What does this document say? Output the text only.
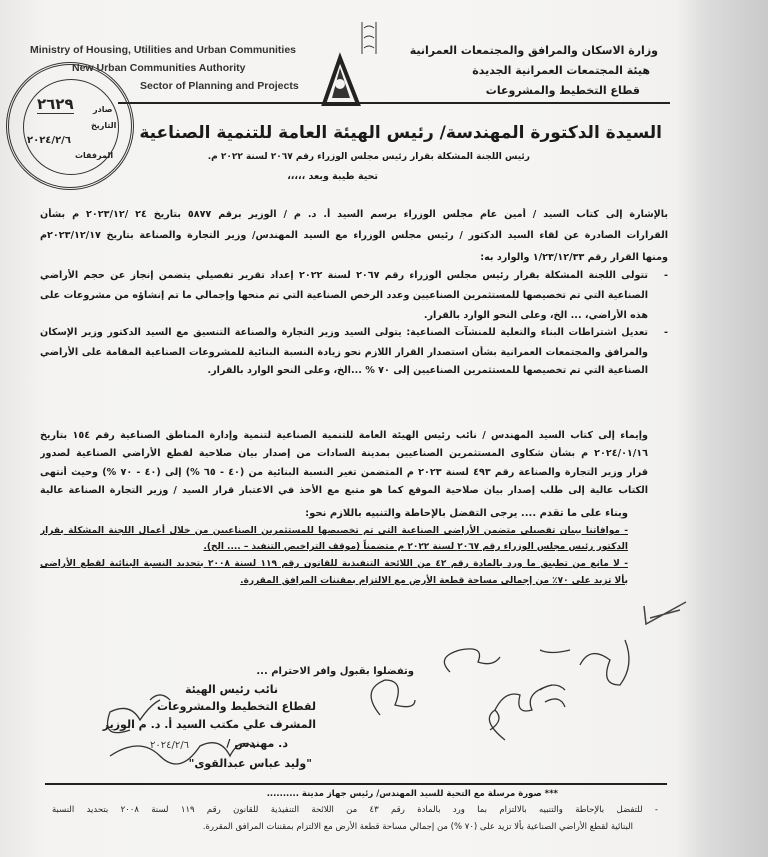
Ministry of Housing, Utilities and Urban Communities
New Urban Communities Authority
Sector of Planning and Projects
وزارة الاسكان والمرافق والمجتمعات العمرانية
هيئة المجتمعات العمرانية الجديدة
قطاع التخطيط والمشروعات
٢٦٢٩ صادر
التاريخ
٢٠٢٤/٢/٦
المرفقات
السيدة الدكتورة المهندسة/ رئيس الهيئة العامة للتنمية الصناعية
رئيس اللجنة المشكلة بقرار رئيس مجلس الوزراء رقم ٢٠٦٧ لسنة ٢٠٢٢ م.
تحية طيبة وبعد ،،،،،
بالإشارة إلى كتاب السيد / أمين عام مجلس الوزراء برسم السيد أ. د. م / الوزير برقم ٥٨٧٧ بتاريخ ٢٤ /٢٠٢٣/١٢ م بشأن
القرارات الصادرة عن لقاء السيد الدكتور / رئيس مجلس الوزراء مع السيد المهندس/ وزير التجارة والصناعة بتاريخ ٢٠٢٣/١٢/١٧م
ومنها القرار رقم ١/٢٣/١٢/٣٣ والوارد به:
-
تتولى اللجنة المشكلة بقرار رئيس مجلس الوزراء رقم ٢٠٦٧ لسنة ٢٠٢٢ إعداد تقرير تفصيلي يتضمن إنجاز عن حجم الأراضي
الصناعية التي تم تخصيصها للمستثمرين الصناعيين وعدد الرخص الصناعية التي تم منحها وإجمالي ما تم إنشاؤه من مشروعات على
هذه الأراضي، ... الخ، وعلى النحو الوارد بالقرار.
-
تعديل اشتراطات البناء والتعلية للمنشآت الصناعية: يتولى السيد وزير التجارة والصناعة التنسيق مع السيد الدكتور وزير الإسكان
والمرافق والمجتمعات العمرانية بشأن استصدار القرار اللازم نحو زيادة النسبة البنائية للمشروعات الصناعية المقامة على الأراضي
الصناعية التي تم تخصيصها للمستثمرين الصناعيين إلى ٧٠ % ...الخ، وعلى النحو الوارد بالقرار.
وإيماء إلى كتاب السيد المهندس / نائب رئيس الهيئة العامة للتنمية الصناعية لتنمية وإدارة المناطق الصناعية رقم ١٥٤ بتاريخ
٢٠٢٤/٠١/١٦ م بشأن شكاوى المستثمرين الصناعيين بمدينة السادات من إصدار بيان صلاحية لقطع الأراضي الصناعية لصدور
قرار وزير التجارة والصناعة رقم ٤٩٣ لسنة ٢٠٢٣ م المتضمن تغير النسبة البنائية من (٤٠ - ٦٥ %) إلى (٤٠ - ٧٠ %) وحيث أنتهى
الكتاب عالية إلى طلب إصدار بيان صلاحية الموقع كما هو متبع مع الأخذ في الاعتبار قرار السيد / وزير التجارة الصناعة عالية
وبناء على ما تقدم .... يرجى التفضل بالإحاطة والتنبيه باللازم نحو:
- موافاتنا ببيان تفصيلي متضمن الأراضي الصناعية التي تم تخصيصها للمستثمرين الصناعيين من خلال أعمال اللجنة المشكلة بقرار
الدكتور رئيس مجلس الوزراء رقم ٢٠٦٧ لسنة ٢٠٢٢ م متضمناً (موقف التراخيص التنفيذ – .... الخ).
- لا مانع من تطبيق ما ورد بالمادة رقم ٤٢ من اللائحة التنفيذية للقانون رقم ١١٩ لسنة ٢٠٠٨ بتحديد النسبة البنائية لقطع الأراضي
بألا تزيد على ٧٠٪ من إجمالي مساحة قطعة الأرض مع الالتزام بمقننات المرافق المقررة.
وتفضلوا بقبول وافر الاحترام ...
نائب رئيس الهيئة
لقطاع التخطيط والمشروعات
المشرف علي مكتب السيد أ. د. م الوزير
د. مهندس /
"وليد عباس عبدالقوى"
٢٠٢٤/٢/٦
*** صورة مرسلة مع التحية للسيد المهندس/ رئيس جهاز مدينة ..........
- للتفضل بالإحاطة والتنبيه بالالتزام بما ورد بالمادة رقم ٤٣ من اللائحة التنفيذية للقانون رقم ١١٩ لسنة ٢٠٠٨ بتحديد النسبة
البنائية لقطع الأراضي الصناعية بألا تزيد على (٧٠ %) من إجمالي مساحة قطعة الأرض مع الالتزام بمقننات المرافق المقررة.
